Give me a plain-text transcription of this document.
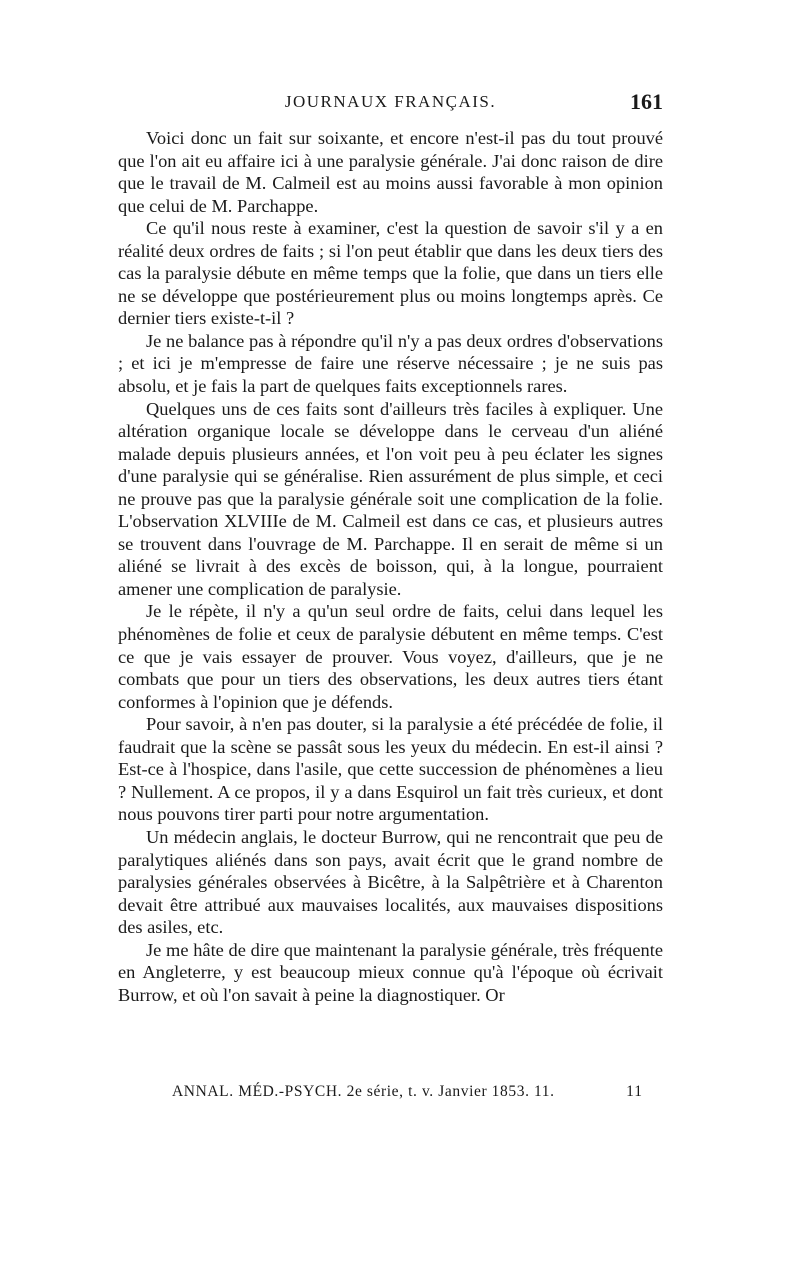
JOURNAUX FRANÇAIS.	161

Voici donc un fait sur soixante, et encore n'est-il pas du tout prouvé que l'on ait eu affaire ici à une paralysie générale. J'ai donc raison de dire que le travail de M. Calmeil est au moins aussi favorable à mon opinion que celui de M. Parchappe.

Ce qu'il nous reste à examiner, c'est la question de savoir s'il y a en réalité deux ordres de faits ; si l'on peut établir que dans les deux tiers des cas la paralysie débute en même temps que la folie, que dans un tiers elle ne se développe que postérieurement plus ou moins longtemps après. Ce dernier tiers existe-t-il ?

Je ne balance pas à répondre qu'il n'y a pas deux ordres d'observations ; et ici je m'empresse de faire une réserve nécessaire ; je ne suis pas absolu, et je fais la part de quelques faits exceptionnels rares.

Quelques uns de ces faits sont d'ailleurs très faciles à expliquer. Une altération organique locale se développe dans le cerveau d'un aliéné malade depuis plusieurs années, et l'on voit peu à peu éclater les signes d'une paralysie qui se généralise. Rien assurément de plus simple, et ceci ne prouve pas que la paralysie générale soit une complication de la folie. L'observation XLVIIIe de M. Calmeil est dans ce cas, et plusieurs autres se trouvent dans l'ouvrage de M. Parchappe. Il en serait de même si un aliéné se livrait à des excès de boisson, qui, à la longue, pourraient amener une complication de paralysie.

Je le répète, il n'y a qu'un seul ordre de faits, celui dans lequel les phénomènes de folie et ceux de paralysie débutent en même temps. C'est ce que je vais essayer de prouver. Vous voyez, d'ailleurs, que je ne combats que pour un tiers des observations, les deux autres tiers étant conformes à l'opinion que je défends.

Pour savoir, à n'en pas douter, si la paralysie a été précédée de folie, il faudrait que la scène se passât sous les yeux du médecin. En est-il ainsi ? Est-ce à l'hospice, dans l'asile, que cette succession de phénomènes a lieu ? Nullement. A ce propos, il y a dans Esquirol un fait très curieux, et dont nous pouvons tirer parti pour notre argumentation.

Un médecin anglais, le docteur Burrow, qui ne rencontrait que peu de paralytiques aliénés dans son pays, avait écrit que le grand nombre de paralysies générales observées à Bicêtre, à la Salpêtrière et à Charenton devait être attribué aux mauvaises localités, aux mauvaises dispositions des asiles, etc.

Je me hâte de dire que maintenant la paralysie générale, très fréquente en Angleterre, y est beaucoup mieux connue qu'à l'époque où écrivait Burrow, et où l'on savait à peine la diagnostiquer. Or

ANNAL. MÉD.-PSYCH. 2e série, t. v. Janvier 1853. 11.	11
